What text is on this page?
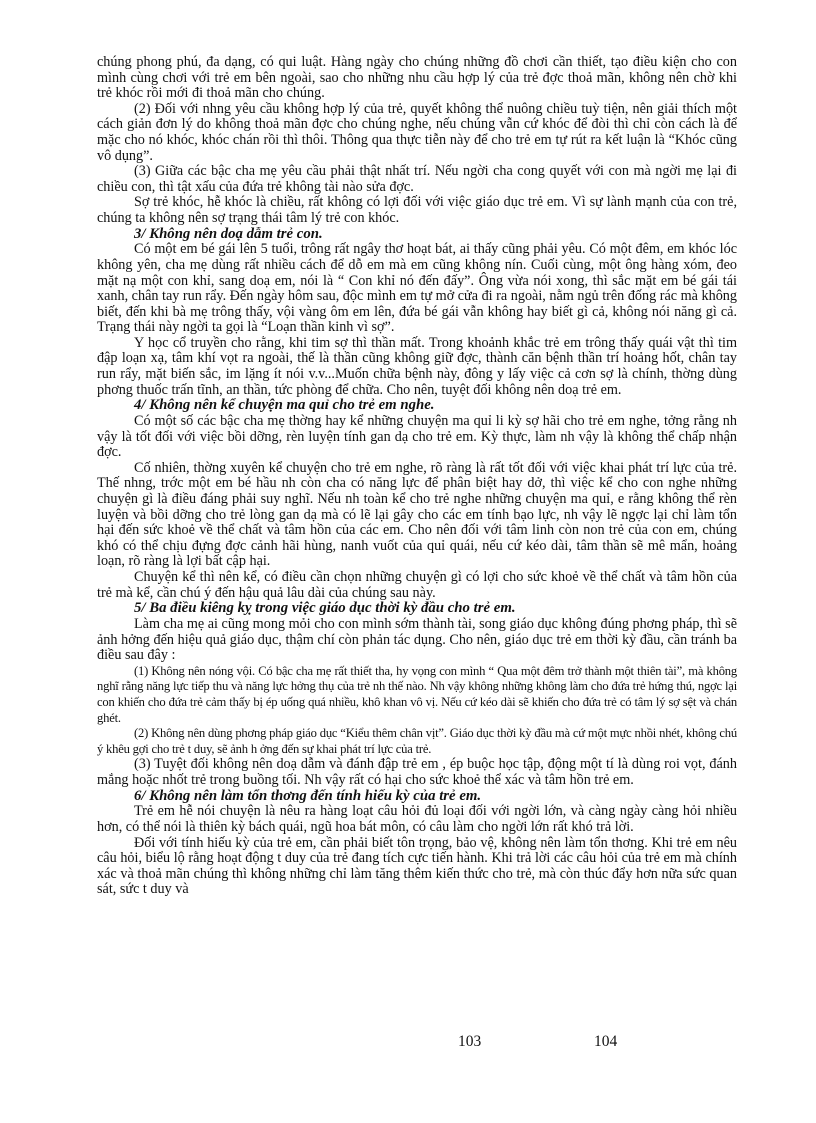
chúng phong phú, đa dạng, có qui luật. Hàng ngày cho chúng những đồ chơi cần thiết, tạo điều kiện cho con mình cùng chơi với trẻ em bên ngoài, sao cho những nhu cầu hợp lý của trẻ đợc thoả mãn, không nên chờ khi trẻ khóc rồi mới đi thoả mãn cho chúng.

(2) Đối với nhng yêu cầu không hợp lý của trẻ, quyết không thể nuông chiều tuỳ tiện, nên giải thích một cách giản đơn lý do không thoả mãn đợc cho chúng nghe, nếu chúng vẫn cứ khóc để đòi thì chỉ còn cách là để mặc cho nó khóc, khóc chán rồi thì thôi. Thông qua thực tiễn này để cho trẻ em tự rút ra kết luận là “Khóc cũng vô dụng”.

(3) Giữa các bậc cha mẹ yêu cầu phải thật nhất trí. Nếu ngời cha cong quyết với con mà ngời mẹ lại đi chiều con, thì tật xấu của đứa trẻ không tài nào sửa đợc.

Sợ trẻ khóc, hễ khóc là chiều, rất không có lợi đối với việc giáo dục trẻ em. Vì sự lành mạnh của con trẻ, chúng ta không nên sợ trạng thái tâm lý trẻ con khóc.

3/ Không nên doạ dẫm trẻ con.

Có một em bé gái lên 5 tuổi, trông rất ngây thơ hoạt bát, ai thấy cũng phải yêu. Có một đêm, em khóc lóc không yên, cha mẹ dùng rất nhiều cách để dỗ em mà em cũng không nín. Cuối cùng, một ông hàng xóm, đeo mặt nạ một con khỉ, sang doạ em, nói là “ Con khỉ nó đến đấy”. Ông vừa nói xong, thì sắc mặt em bé gái tái xanh, chân tay run rẩy. Đến ngày hôm sau, độc mình em tự mở cửa đi ra ngoài, nằm ngủ trên đống rác mà không biết, đến khi bà mẹ trông thấy, vội vàng ôm em lên, đứa bé gái vẫn không hay biết gì cả, không nói năng gì cả. Trạng thái này ngời ta gọi là “Loạn thần kinh vì sợ”.

Y học cổ truyền cho rằng, khi tim sợ thì thần mất. Trong khoảnh khắc trẻ em trông thấy quái vật thì tim đập loạn xạ, tâm khí vọt ra ngoài, thế là thần cũng không giữ đợc, thành căn bệnh thần trí hoảng hốt, chân tay run rẩy, mặt biến sắc, im lặng ít nói v.v...Muốn chữa bệnh này, đông y lấy việc cả cơn sợ là chính, thờng dùng phơng thuốc trấn tĩnh, an thần, tức phòng để chữa. Cho nên, tuyệt đối không nên doạ trẻ em.

4/ Không nên kể chuyện ma quỉ cho trẻ em nghe.

Có một số các bậc cha mẹ thờng hay kể những chuyện ma quỉ li kỳ sợ hãi cho trẻ em nghe, tởng rằng nh vậy là tốt đối với việc bồi dỡng, rèn luyện tính gan dạ cho trẻ em. Kỳ thực, làm nh vậy là không thể chấp nhận đợc.

Cố nhiên, thờng xuyên kể chuyện cho trẻ em nghe, rõ ràng là rất tốt đối với việc khai phát trí lực của trẻ. Thế nhng, trớc một em bé hầu nh còn cha có năng lực để phân biệt hay dở, thì việc kể cho con nghe những chuyện gì là điều đáng phải suy nghĩ. Nếu nh toàn kể cho trẻ nghe những chuyện ma quỉ, e rằng không thể rèn luyện và bồi dỡng cho trẻ lòng gan dạ mà có lẽ lại gây cho các em tính bạo lực, nh vậy lẽ ngợc lại chỉ làm tổn hại đến sức khoẻ về thể chất và tâm hồn của các em. Cho nên đối với tâm linh còn non trẻ của con em, chúng khó có thể chịu đựng đợc cảnh hãi hùng, nanh vuốt của quỉ quái, nếu cứ kéo dài, tâm thần sẽ mê mẩn, hoảng loạn, rõ ràng là lợi bất cập hại.

Chuyện kể thì nên kể, có điều cần chọn những chuyện gì có lợi cho sức khoẻ về thể chất và tâm hồn của trẻ mà kể, cần chú ý đến hậu quả lâu dài của chúng sau này.

5/ Ba điều kiêng kỵ trong việc giáo dục thời kỳ đầu cho trẻ em.

Làm cha mẹ ai cũng mong mỏi cho con mình sớm thành tài, song giáo dục không đúng phơng pháp, thì sẽ ảnh hởng đến hiệu quả giáo dục, thậm chí còn phản tác dụng. Cho nên, giáo dục trẻ em thời kỳ đầu, cần tránh ba điều sau đây :

(1) Không nên nóng vội. Có bậc cha mẹ rất thiết tha, hy vọng con mình “ Qua một đêm trở thành một thiên tài”, mà không nghĩ rằng năng lực tiếp thu và năng lực hởng thụ của trẻ nh thế nào. Nh vậy không những không làm cho đứa trẻ hứng thú, ngợc lại con khiến cho đứa trẻ cảm thấy bị ép uống quá nhiều, khô khan vô vị. Nếu cứ kéo dài sẽ khiến cho đứa trẻ có tâm lý sợ sệt và chán ghét.

(2) Không nên dùng phơng pháp giáo dục “Kiểu thêm chân vịt”. Giáo dục thời kỳ đầu mà cứ một mực nhồi nhét, không chú ý khêu gợi cho trẻ t duy, sẽ ảnh h ởng đến sự khai phát trí lực của trẻ.

(3) Tuyệt đối không nên doạ dẫm và đánh đập trẻ em , ép buộc học tập, động một tí là dùng roi vọt, đánh mắng hoặc nhốt trẻ trong buồng tối. Nh vậy rất có hại cho sức khoẻ thể xác và tâm hồn trẻ em.

6/ Không nên làm tổn thơng đến tính hiếu kỳ của trẻ em.

Trẻ em hễ nói chuyện là nêu ra hàng loạt câu hỏi đủ loại đối với ngời lớn, và càng ngày càng hỏi nhiều hơn, có thể nói là thiên kỳ bách quái, ngũ hoa bát môn, có câu làm cho ngời lớn rất khó trả lời.

Đối với tính hiếu kỳ của trẻ em, cần phải biết tôn trọng, bảo vệ, không nên làm tổn thơng. Khi trẻ em nêu câu hỏi, biểu lộ rằng hoạt động t duy của trẻ đang tích cực tiến hành. Khi trả lời các câu hỏi của trẻ em mà chính xác và thoả mãn chúng thì không những chỉ làm tăng thêm kiến thức cho trẻ, mà còn thúc đẩy hơn nữa sức quan sát, sức t duy và

103	104
